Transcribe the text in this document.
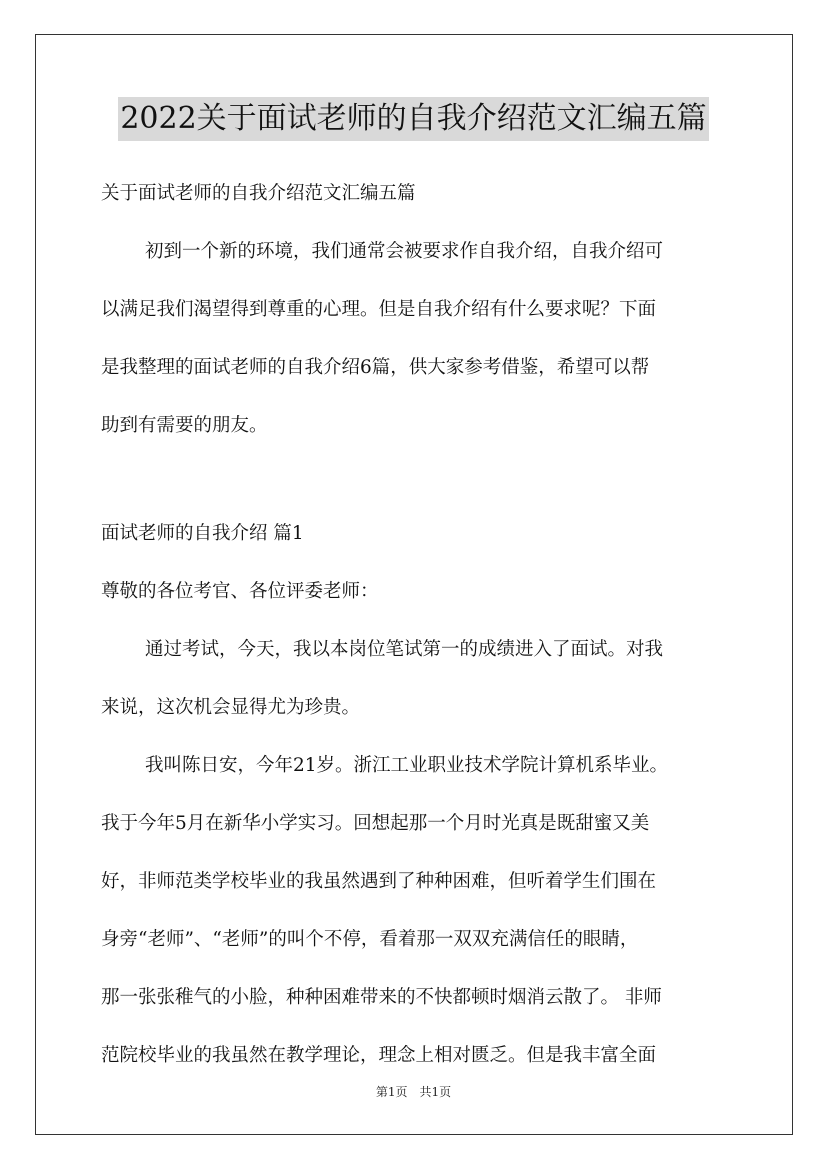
2022关于面试老师的自我介绍范文汇编五篇
关于面试老师的自我介绍范文汇编五篇
初到一个新的环境，我们通常会被要求作自我介绍，自我介绍可
以满足我们渴望得到尊重的心理。但是自我介绍有什么要求呢？下面
是我整理的面试老师的自我介绍6篇，供大家参考借鉴，希望可以帮
助到有需要的朋友。
面试老师的自我介绍 篇1
尊敬的各位考官、各位评委老师：
通过考试，今天，我以本岗位笔试第一的成绩进入了面试。对我
来说，这次机会显得尤为珍贵。
我叫陈日安，今年21岁。浙江工业职业技术学院计算机系毕业。
我于今年5月在新华小学实习。回想起那一个月时光真是既甜蜜又美
好，非师范类学校毕业的我虽然遇到了种种困难，但听着学生们围在
身旁“老师”、“老师”的叫个不停，看着那一双双充满信任的眼睛，
那一张张稚气的小脸，种种困难带来的不快都顿时烟消云散了。 非师
范院校毕业的我虽然在教学理论，理念上相对匮乏。但是我丰富全面
第1页　共1页
